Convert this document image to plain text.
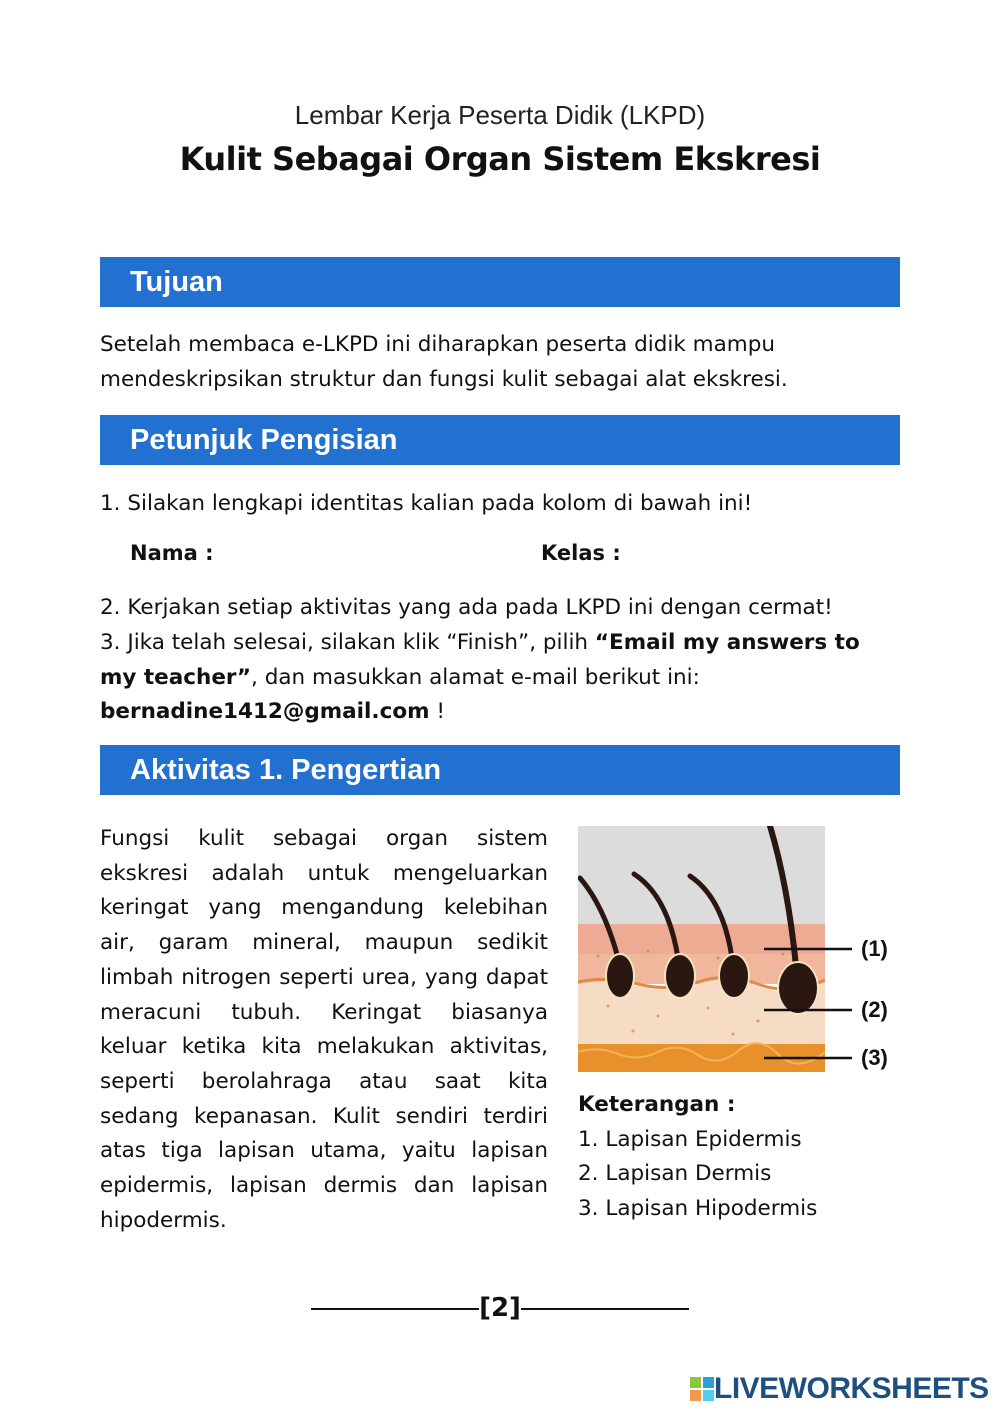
Lembar Kerja Peserta Didik (LKPD)
Kulit Sebagai Organ Sistem Ekskresi
Tujuan
Setelah membaca e-LKPD ini diharapkan peserta didik mampu mendeskripsikan struktur dan fungsi kulit sebagai alat ekskresi.
Petunjuk Pengisian
1. Silakan lengkapi identitas kalian pada kolom di bawah ini!
Nama :	Kelas :
2. Kerjakan setiap aktivitas yang ada pada LKPD ini dengan cermat!
3. Jika telah selesai, silakan klik “Finish”, pilih “Email my answers to my teacher”, dan masukkan alamat e-mail berikut ini:
bernadine1412@gmail.com !
Aktivitas 1. Pengertian
Fungsi kulit sebagai organ sistem ekskresi adalah untuk mengeluarkan keringat yang mengandung kelebihan air, garam mineral, maupun sedikit limbah nitrogen seperti urea, yang dapat meracuni tubuh. Keringat biasanya keluar ketika kita melakukan aktivitas, seperti berolahraga atau saat kita sedang kepanasan. Kulit sendiri terdiri atas tiga lapisan utama, yaitu lapisan epidermis, lapisan dermis dan lapisan hipodermis.
(1)
(2)
(3)
Keterangan :
1. Lapisan Epidermis
2. Lapisan Dermis
3. Lapisan Hipodermis
[2]
LIVEWORKSHEETS
